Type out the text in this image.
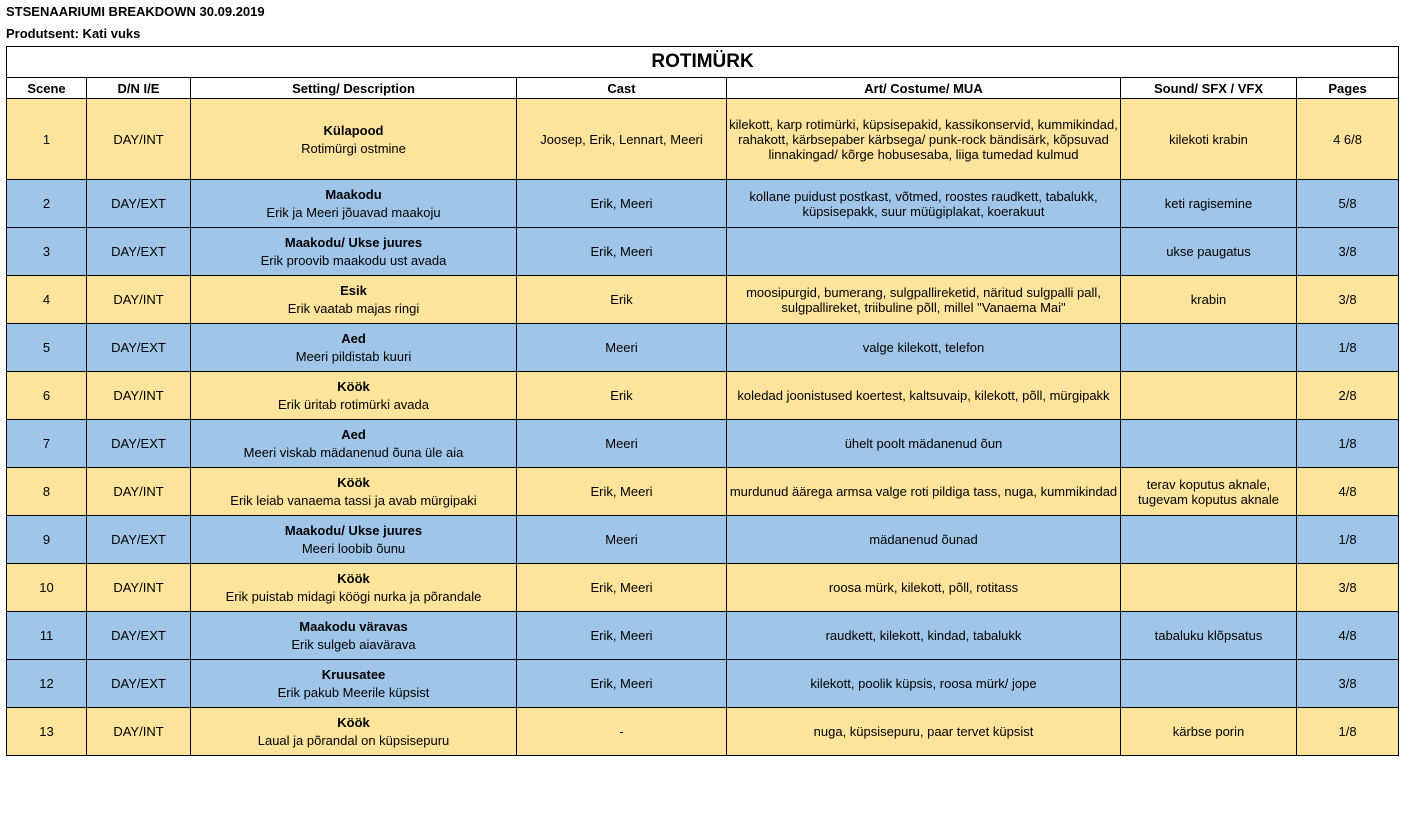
STSENAARIUMI BREAKDOWN 30.09.2019
Produtsent: Kati vuks
ROTIMÜRK						
Scene	D/N I/E	Setting/ Description	Cast	Art/ Costume/ MUA	Sound/ SFX / VFX	Pages
1	DAY/INT	Külapood
Rotimürgi ostmine	Joosep, Erik, Lennart, Meeri	kilekott, karp rotimürki, küpsisepakid, kassikonservid, kummikindad, rahakott, kärbsepaber kärbsega/ punk-rock bändisärk, kõpsuvad linnakingad/ kõrge hobusesaba, liiga tumedad kulmud	kilekoti krabin	4 6/8
2	DAY/EXT	Maakodu
Erik ja Meeri jõuavad maakoju	Erik, Meeri	kollane puidust postkast, võtmed, roostes raudkett, tabalukk, küpsisepakk, suur müügiplakat, koerakuut	keti ragisemine	5/8
3	DAY/EXT	Maakodu/ Ukse juures
Erik proovib maakodu ust avada	Erik, Meeri		ukse paugatus	3/8
4	DAY/INT	Esik
Erik vaatab majas ringi	Erik	moosipurgid, bumerang, sulgpallireketid, näritud sulgpalli pall, sulgpallireket, triibuline põll, millel "Vanaema Mai"	krabin	3/8
5	DAY/EXT	Aed
Meeri pildistab kuuri	Meeri	valge kilekott, telefon		1/8
6	DAY/INT	Köök
Erik üritab rotimürki avada	Erik	koledad joonistused koertest, kaltsuvaip, kilekott, põll, mürgipakk		2/8
7	DAY/EXT	Aed
Meeri viskab mädanenud õuna üle aia	Meeri	ühelt poolt mädanenud õun		1/8
8	DAY/INT	Köök
Erik leiab vanaema tassi ja avab mürgipaki	Erik, Meeri	murdunud äärega armsa valge roti pildiga tass, nuga, kummikindad	terav koputus aknale, tugevam koputus aknale	4/8
9	DAY/EXT	Maakodu/ Ukse juures
Meeri loobib õunu	Meeri	mädanenud õunad		1/8
10	DAY/INT	Köök
Erik puistab midagi köögi nurka ja põrandale	Erik, Meeri	roosa mürk, kilekott, põll, rotitass		3/8
11	DAY/EXT	Maakodu väravas
Erik sulgeb aiavärava	Erik, Meeri	raudkett, kilekott, kindad, tabalukk	tabaluku klõpsatus	4/8
12	DAY/EXT	Kruusatee
Erik pakub Meerile küpsist	Erik, Meeri	kilekott, poolik küpsis, roosa mürk/ jope		3/8
13	DAY/INT	Köök
Laual ja põrandal on küpsisepuru	-	nuga, küpsisepuru, paar tervet küpsist	kärbse porin	1/8
